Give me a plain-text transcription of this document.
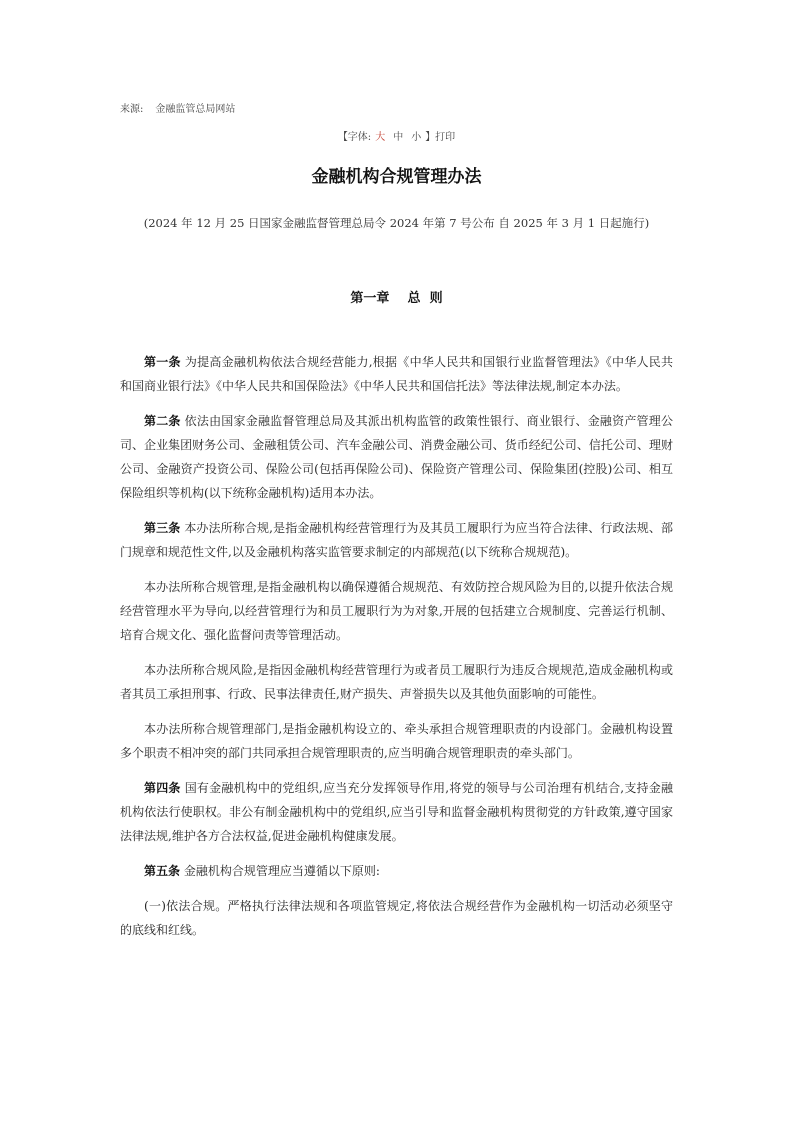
来源: 金融监管总局网站
【字体: 大 中 小 】打印
金融机构合规管理办法
(2024 年 12 月 25 日国家金融监督管理总局令 2024 年第 7 号公布 自 2025 年 3 月 1 日起施行)
第一章    总  则

第一条 为提高金融机构依法合规经营能力,根据《中华人民共和国银行业监督管理法》《中华人民共和国商业银行法》《中华人民共和国保险法》《中华人民共和国信托法》等法律法规,制定本办法。

第二条 依法由国家金融监督管理总局及其派出机构监管的政策性银行、商业银行、金融资产管理公司、企业集团财务公司、金融租赁公司、汽车金融公司、消费金融公司、货币经纪公司、信托公司、理财公司、金融资产投资公司、保险公司(包括再保险公司)、保险资产管理公司、保险集团(控股)公司、相互保险组织等机构(以下统称金融机构)适用本办法。

第三条 本办法所称合规,是指金融机构经营管理行为及其员工履职行为应当符合法律、行政法规、部门规章和规范性文件,以及金融机构落实监管要求制定的内部规范(以下统称合规规范)。

本办法所称合规管理,是指金融机构以确保遵循合规规范、有效防控合规风险为目的,以提升依法合规经营管理水平为导向,以经营管理行为和员工履职行为为对象,开展的包括建立合规制度、完善运行机制、培育合规文化、强化监督问责等管理活动。

本办法所称合规风险,是指因金融机构经营管理行为或者员工履职行为违反合规规范,造成金融机构或者其员工承担刑事、行政、民事法律责任,财产损失、声誉损失以及其他负面影响的可能性。

本办法所称合规管理部门,是指金融机构设立的、牵头承担合规管理职责的内设部门。金融机构设置多个职责不相冲突的部门共同承担合规管理职责的,应当明确合规管理职责的牵头部门。

第四条 国有金融机构中的党组织,应当充分发挥领导作用,将党的领导与公司治理有机结合,支持金融机构依法行使职权。非公有制金融机构中的党组织,应当引导和监督金融机构贯彻党的方针政策,遵守国家法律法规,维护各方合法权益,促进金融机构健康发展。

第五条 金融机构合规管理应当遵循以下原则:

(一)依法合规。严格执行法律法规和各项监管规定,将依法合规经营作为金融机构一切活动必须坚守的底线和红线。
